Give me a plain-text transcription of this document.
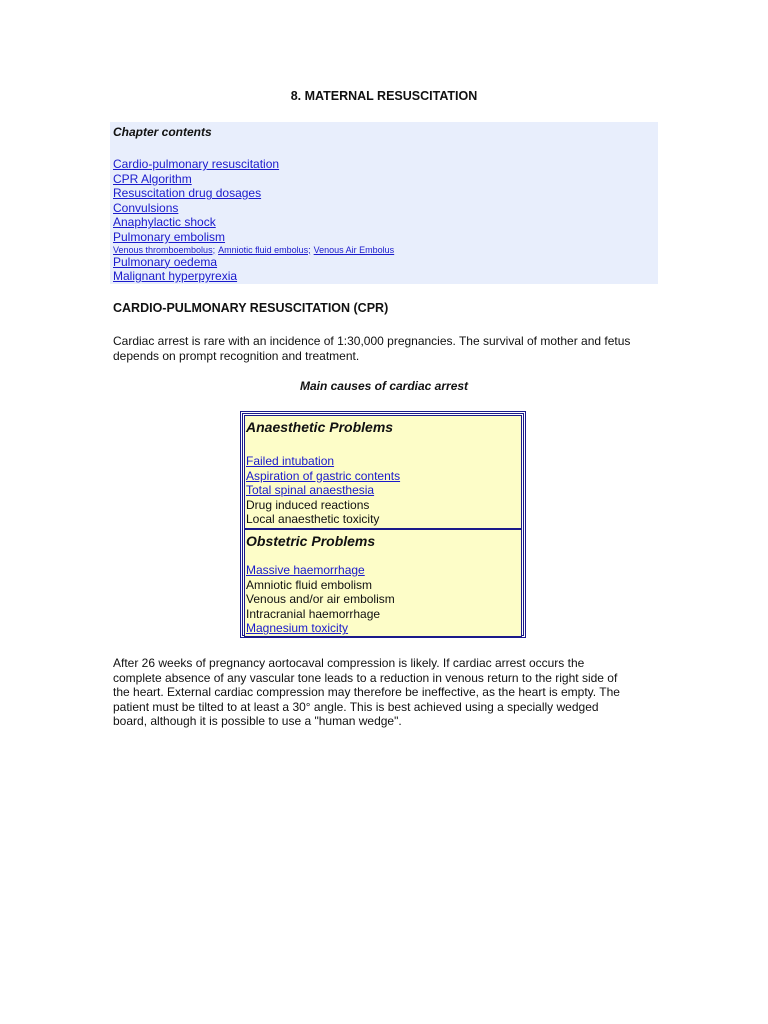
8. MATERNAL RESUSCITATION
Chapter contents
Cardio-pulmonary resuscitation
CPR Algorithm
Resuscitation drug dosages
Convulsions
Anaphylactic shock
Pulmonary embolism
Venous thromboembolus; Amniotic fluid embolus; Venous Air Embolus
Pulmonary oedema
Malignant hyperpyrexia
CARDIO-PULMONARY RESUSCITATION (CPR)

Cardiac arrest is rare with an incidence of 1:30,000 pregnancies. The survival of mother and fetus depends on prompt recognition and treatment.

Main causes of cardiac arrest
Anaesthetic Problems
Failed intubation
Aspiration of gastric contents
Total spinal anaesthesia
Drug induced reactions
Local anaesthetic toxicity
Obstetric Problems
Massive haemorrhage
Amniotic fluid embolism
Venous and/or air embolism
Intracranial haemorrhage
Magnesium toxicity

After 26 weeks of pregnancy aortocaval compression is likely. If cardiac arrest occurs the complete absence of any vascular tone leads to a reduction in venous return to the right side of the heart. External cardiac compression may therefore be ineffective, as the heart is empty. The patient must be tilted to at least a 30° angle. This is best achieved using a specially wedged board, although it is possible to use a "human wedge".
